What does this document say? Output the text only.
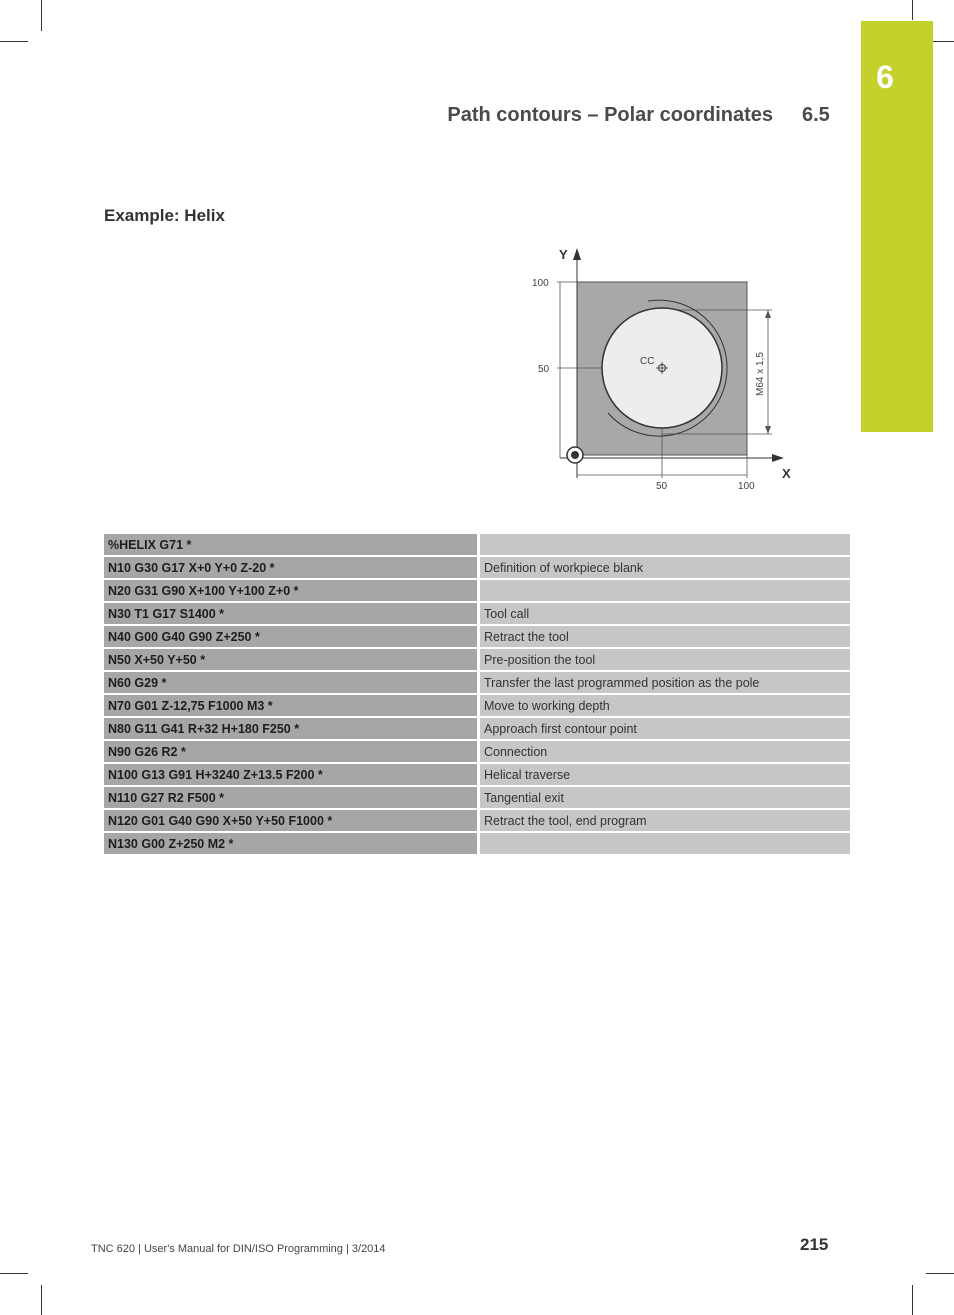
6
Path contours – Polar coordinates 6.5
Example: Helix
Y
X
100
50
50	100
CC	M64 x 1,5
%HELIX G71 *	
N10 G30 G17 X+0 Y+0 Z-20 *	Definition of workpiece blank
N20 G31 G90 X+100 Y+100 Z+0 *	
N30 T1 G17 S1400 *	Tool call
N40 G00 G40 G90 Z+250 *	Retract the tool
N50 X+50 Y+50 *	Pre-position the tool
N60 G29 *	Transfer the last programmed position as the pole
N70 G01 Z-12,75 F1000 M3 *	Move to working depth
N80 G11 G41 R+32 H+180 F250 *	Approach first contour point
N90 G26 R2 *	Connection
N100 G13 G91 H+3240 Z+13.5 F200 *	Helical traverse
N110 G27 R2 F500 *	Tangential exit
N120 G01 G40 G90 X+50 Y+50 F1000 *	Retract the tool, end program
N130 G00 Z+250 M2 *	
TNC 620 | User's Manual for DIN/ISO Programming | 3/2014	215
